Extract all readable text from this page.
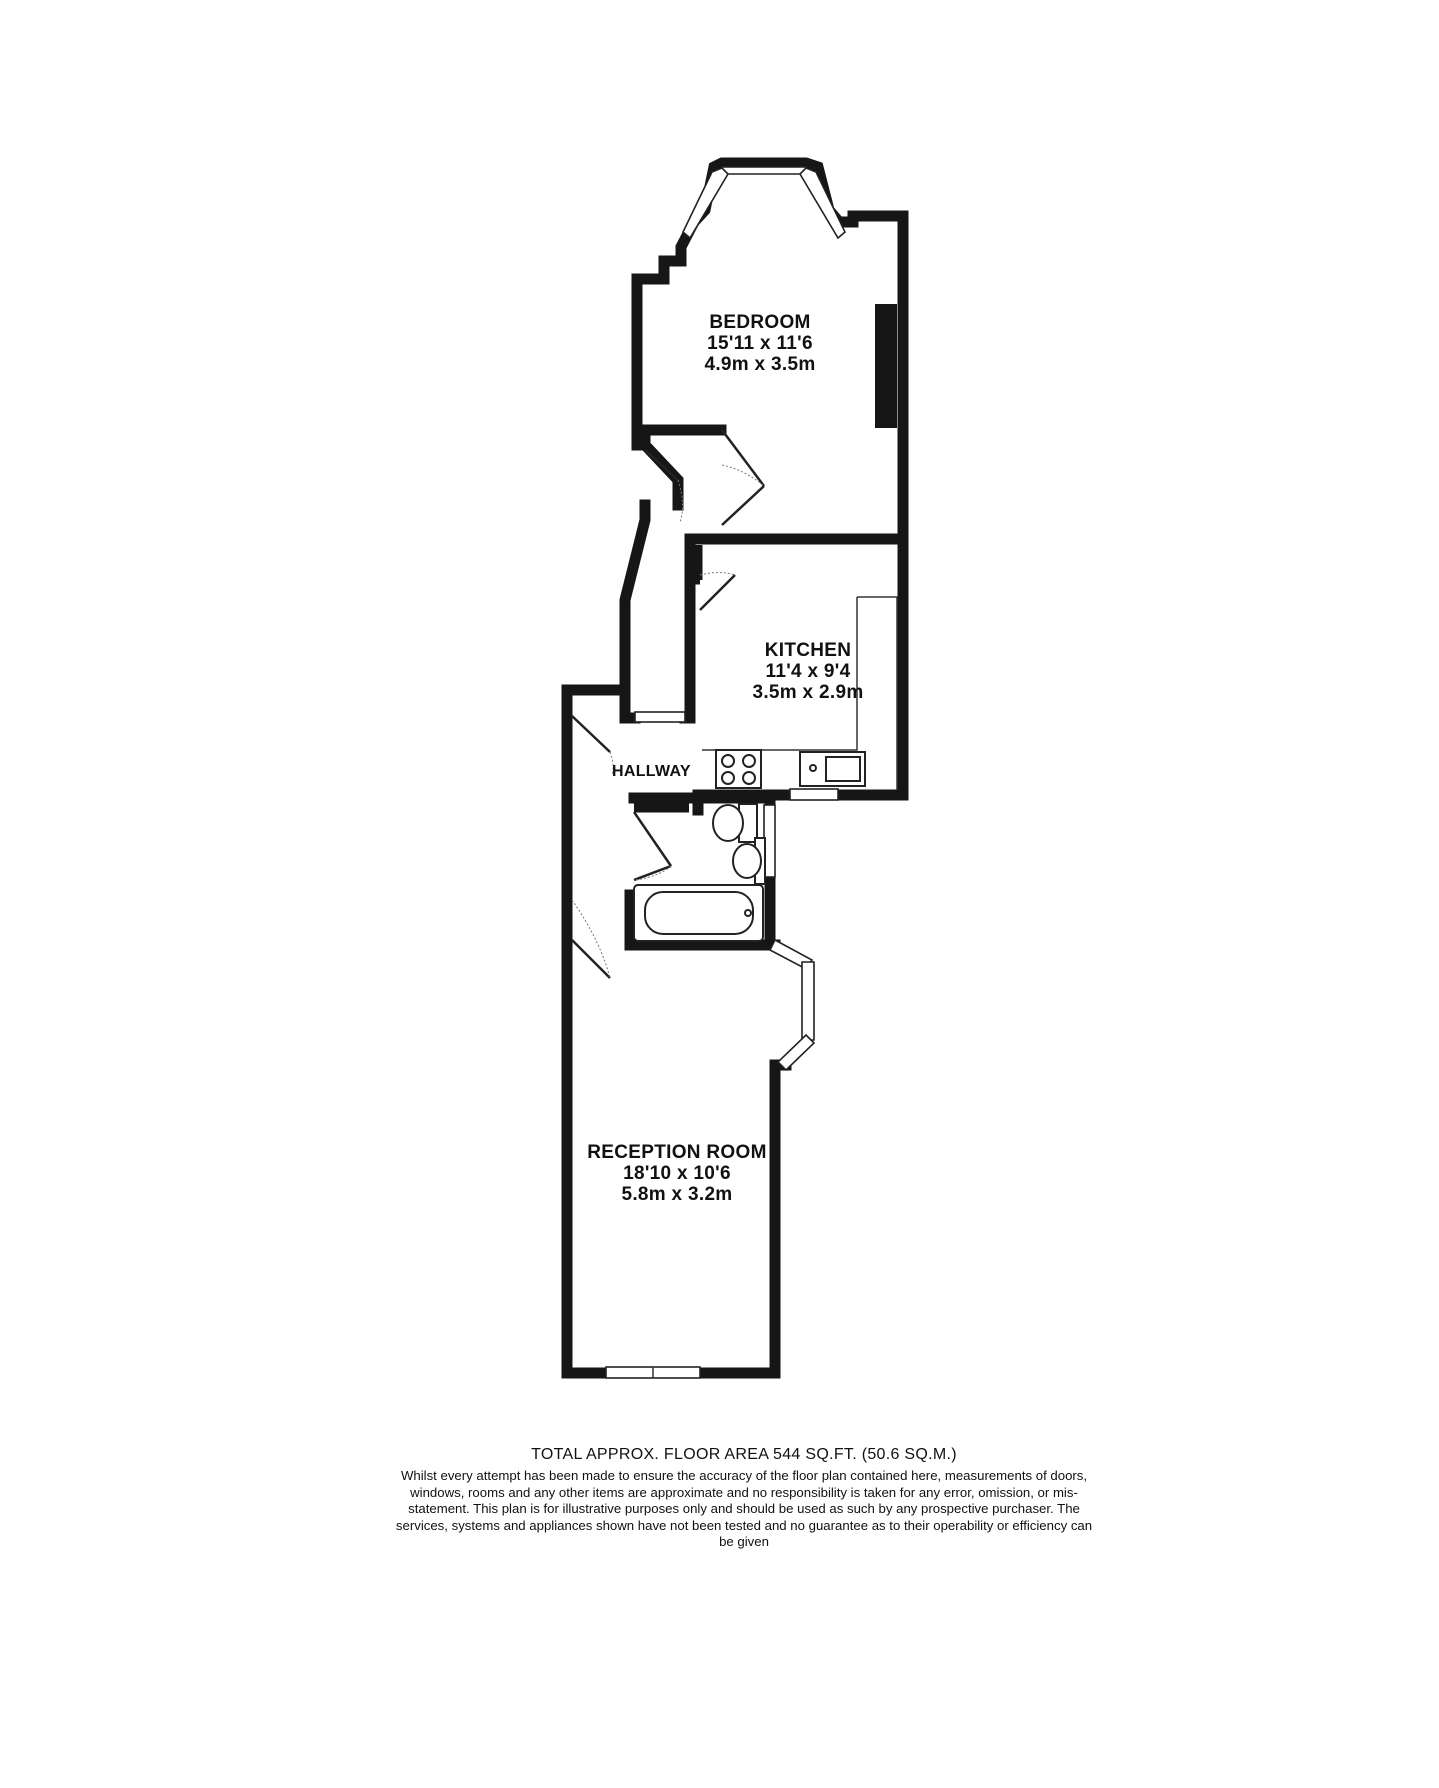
BEDROOM
15'11 x 11'6
4.9m x 3.5m
KITCHEN
11'4 x 9'4
3.5m x 2.9m
HALLWAY
RECEPTION ROOM
18'10 x 10'6
5.8m x 3.2m
TOTAL APPROX. FLOOR AREA 544 SQ.FT. (50.6 SQ.M.)
Whilst every attempt has been made to ensure the accuracy of the floor plan contained here, measurements of doors, windows, rooms and any other items are approximate and no responsibility is taken for any error, omission, or mis-statement. This plan is for illustrative purposes only and should be used as such by any prospective purchaser. The services, systems and appliances shown have not been tested and no guarantee as to their operability or efficiency can be given
